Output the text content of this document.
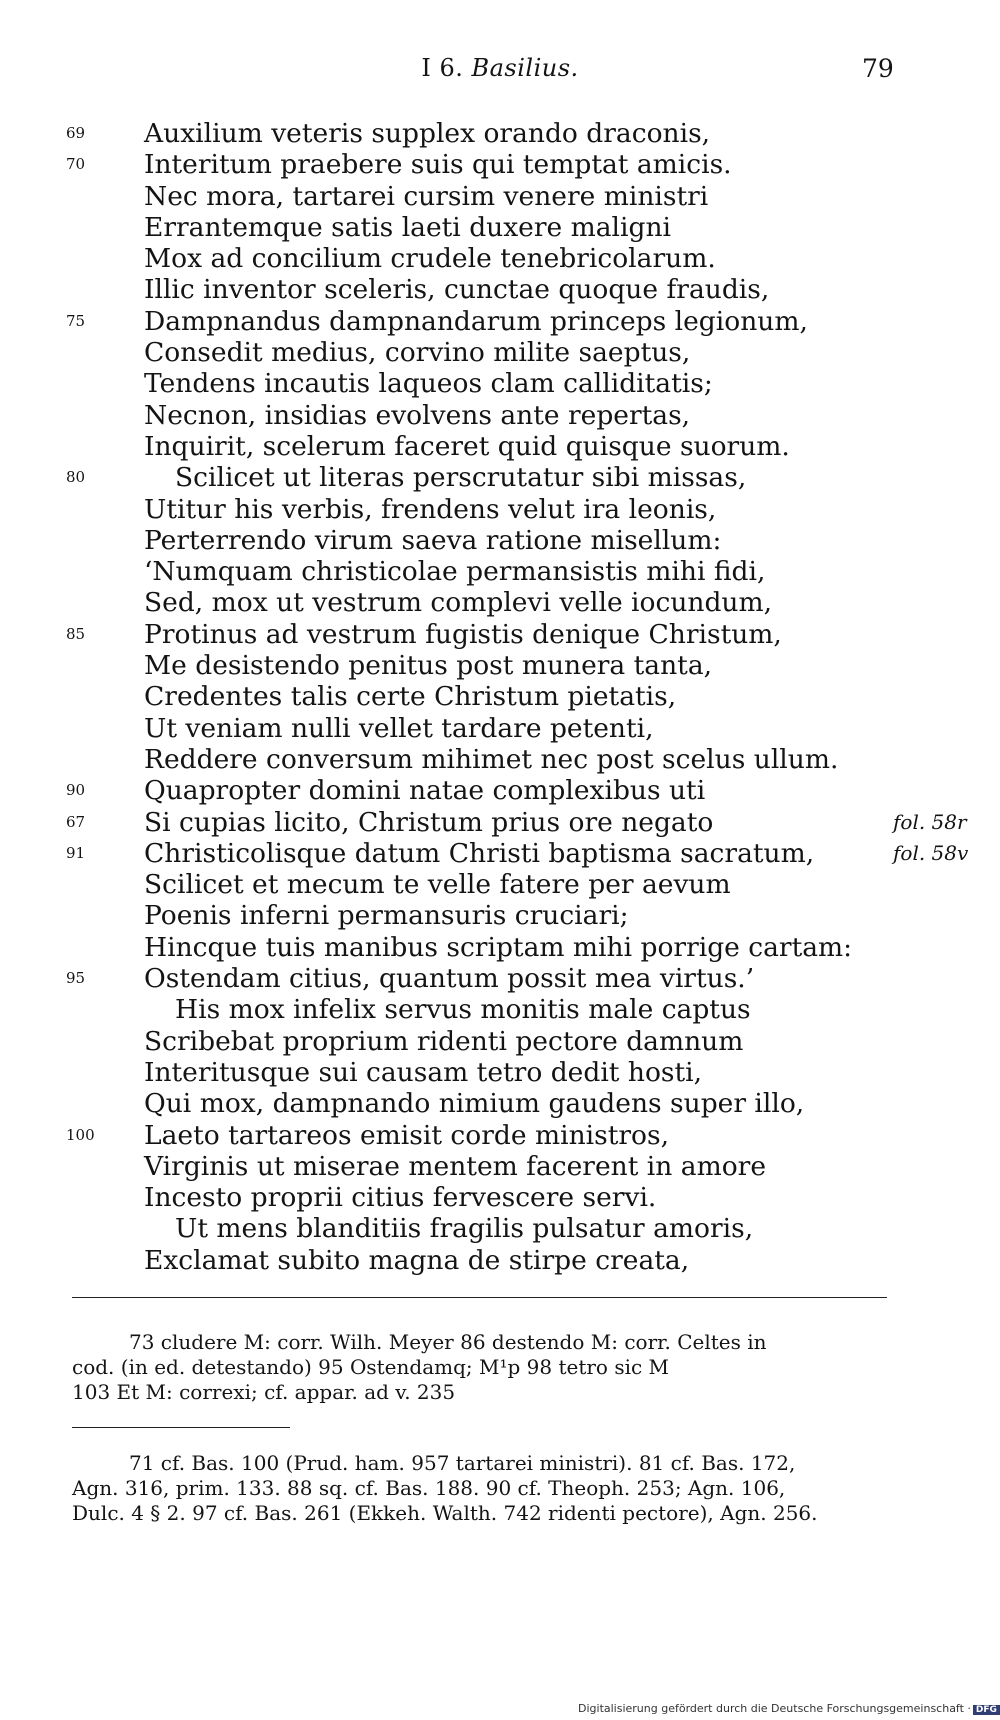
I 6. Basilius.	79
69	Auxilium veteris supplex orando draconis,
70	Interitum praebere suis qui temptat amicis.
Nec mora, tartarei cursim venere ministri
Errantemque satis laeti duxere maligni
Mox ad concilium crudele tenebricolarum.
Illic inventor sceleris, cunctae quoque fraudis,
75	Dampnandus dampnandarum princeps legionum,
Consedit medius, corvino milite saeptus,
Tendens incautis laqueos clam calliditatis;
Necnon, insidias evolvens ante repertas,
Inquirit, scelerum faceret quid quisque suorum.
80	Scilicet ut literas perscrutatur sibi missas,
Utitur his verbis, frendens velut ira leonis,
Perterrendo virum saeva ratione misellum:
‘Numquam christicolae permansistis mihi fidi,
Sed, mox ut vestrum complevi velle iocundum,
85	Protinus ad vestrum fugistis denique Christum,
Me desistendo penitus post munera tanta,
Credentes talis certe Christum pietatis,
Ut veniam nulli vellet tardare petenti,
Reddere conversum mihimet nec post scelus ullum.
90	Quapropter domini natae complexibus uti
67	Si cupias licito, Christum prius ore negato	fol. 58r
91	Christicolisque datum Christi baptisma sacratum,	fol. 58v
Scilicet et mecum te velle fatere per aevum
Poenis inferni permansuris cruciari;
Hincque tuis manibus scriptam mihi porrige cartam:
95	Ostendam citius, quantum possit mea virtus.’
His mox infelix servus monitis male captus
Scribebat proprium ridenti pectore damnum
Interitusque sui causam tetro dedit hosti,
Qui mox, dampnando nimium gaudens super illo,
100	Laeto tartareos emisit corde ministros,
Virginis ut miserae mentem facerent in amore
Incesto proprii citius fervescere servi.
Ut mens blanditiis fragilis pulsatur amoris,
Exclamat subito magna de stirpe creata,
73 cludere M: corr. Wilh. Meyer 86 destendo M: corr. Celtes in
cod. (in ed. detestando) 95 Ostendamq; M¹p 98 tetro sic M
103 Et M: correxi; cf. appar. ad v. 235
71 cf. Bas. 100 (Prud. ham. 957 tartarei ministri). 81 cf. Bas. 172,
Agn. 316, prim. 133. 88 sq. cf. Bas. 188. 90 cf. Theoph. 253; Agn. 106,
Dulc. 4 § 2. 97 cf. Bas. 261 (Ekkeh. Walth. 742 ridenti pectore), Agn. 256.
Digitalisierung gefördert durch die Deutsche Forschungsgemeinschaft · DFG
